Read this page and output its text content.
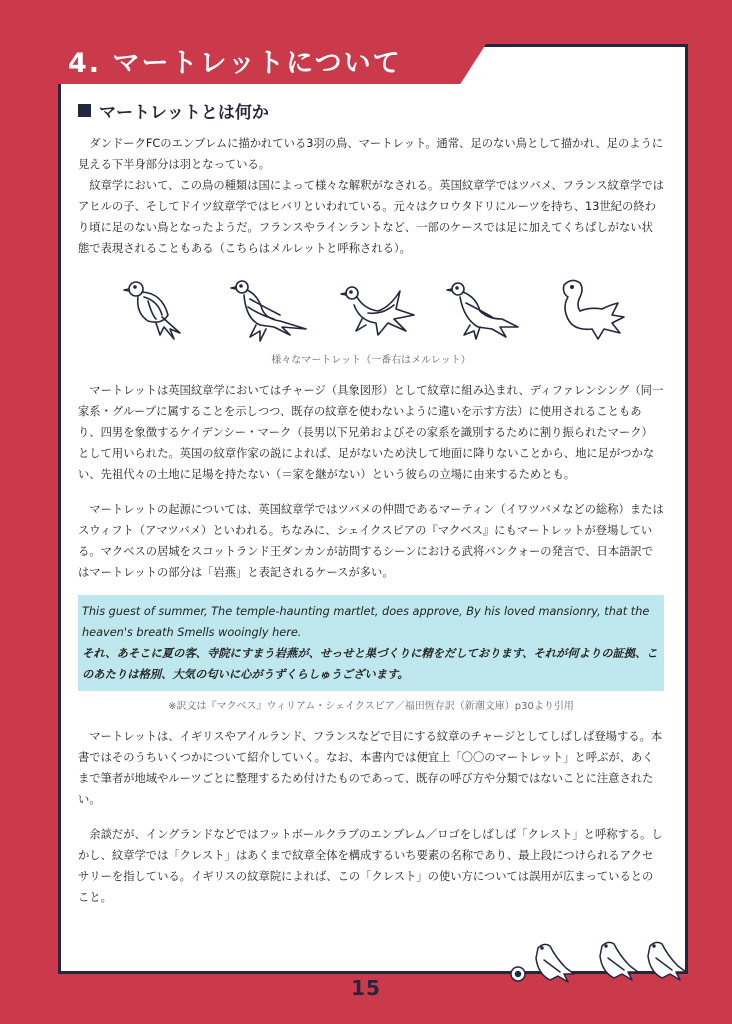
4. マートレットについて
マートレットとは何か

ダンドークFCのエンブレムに描かれている3羽の鳥、マートレット。通常、足のない鳥として描かれ、足のように見える下半身部分は羽となっている。

紋章学において、この鳥の種類は国によって様々な解釈がなされる。英国紋章学ではツバメ、フランス紋章学ではアヒルの子、そしてドイツ紋章学ではヒバリといわれている。元々はクロウタドリにルーツを持ち、13世紀の終わり頃に足のない鳥となったようだ。フランスやラインラントなど、一部のケースでは足に加えてくちばしがない状態で表現されることもある（こちらはメルレットと呼称される）。

様々なマートレット（一番右はメルレット）

マートレットは英国紋章学においてはチャージ（具象図形）として紋章に組み込まれ、ディファレンシング（同一家系・グループに属することを示しつつ、既存の紋章を使わないように違いを示す方法）に使用されることもあり、四男を象徴するケイデンシー・マーク（長男以下兄弟およびその家系を識別するために割り振られたマーク）として用いられた。英国の紋章作家の説によれば、足がないため決して地面に降りないことから、地に足がつかない、先祖代々の土地に足場を持たない（＝家を継がない）という彼らの立場に由来するためとも。

マートレットの起源については、英国紋章学ではツバメの仲間であるマーティン（イワツバメなどの総称）またはスウィフト（アマツバメ）といわれる。ちなみに、シェイクスピアの『マクベス』にもマートレットが登場している。マクベスの居城をスコットランド王ダンカンが訪問するシーンにおける武将バンクォーの発言で、日本語訳ではマートレットの部分は「岩燕」と表記されるケースが多い。

This guest of summer, The temple-haunting martlet, does approve, By his loved mansionry, that the heaven's breath Smells wooingly here.
それ、あそこに夏の客、寺院にすまう岩燕が、せっせと巣づくりに精をだしております、それが何よりの証拠、このあたりは格別、大気の匂いに心がうずくらしゅうございます。
※訳文は『マクベス』ウィリアム・シェイクスピア／福田恆存訳（新潮文庫）p30より引用

マートレットは、イギリスやアイルランド、フランスなどで目にする紋章のチャージとしてしばしば登場する。本書ではそのうちいくつかについて紹介していく。なお、本書内では便宜上「〇〇のマートレット」と呼ぶが、あくまで筆者が地域やルーツごとに整理するため付けたものであって、既存の呼び方や分類ではないことに注意されたい。

余談だが、イングランドなどではフットボールクラブのエンブレム／ロゴをしばしば「クレスト」と呼称する。しかし、紋章学では「クレスト」はあくまで紋章全体を構成するいち要素の名称であり、最上段につけられるアクセサリーを指している。イギリスの紋章院によれば、この「クレスト」の使い方については誤用が広まっているとのこと。

15
